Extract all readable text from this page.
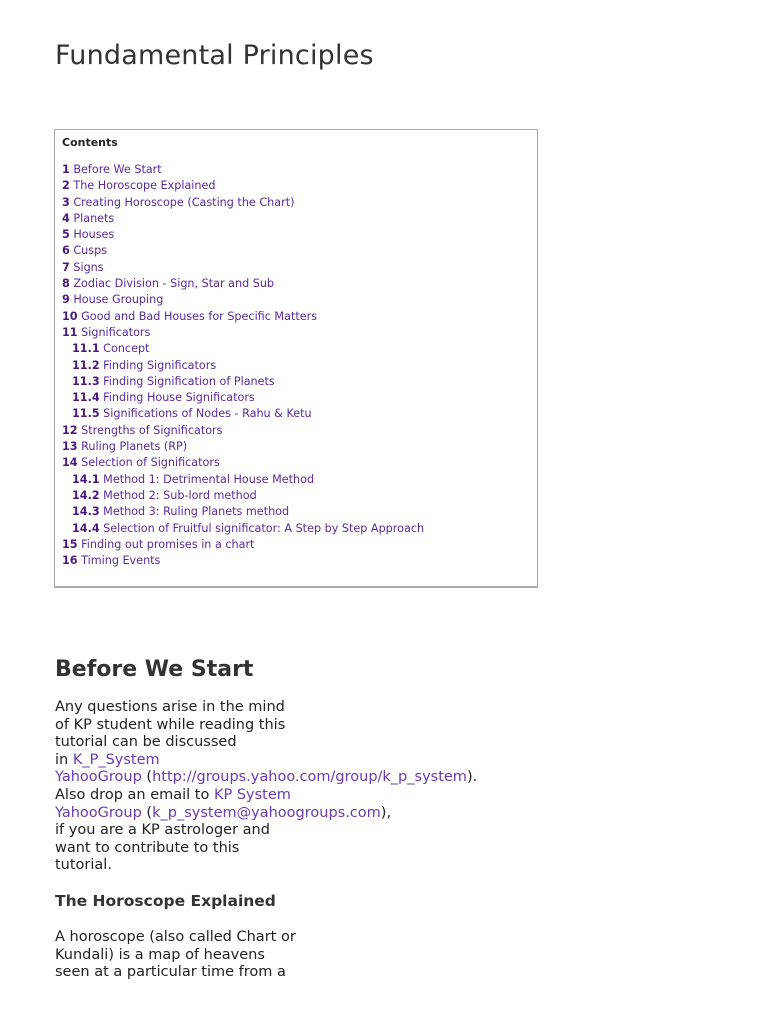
Fundamental Principles
Contents
1 Before We Start
2 The Horoscope Explained
3 Creating Horoscope (Casting the Chart)
4 Planets
5 Houses
6 Cusps
7 Signs
8 Zodiac Division - Sign, Star and Sub
9 House Grouping
10 Good and Bad Houses for Specific Matters
11 Significators
11.1 Concept
11.2 Finding Significators
11.3 Finding Signification of Planets
11.4 Finding House Significators
11.5 Significations of Nodes - Rahu & Ketu
12 Strengths of Significators
13 Ruling Planets (RP)
14 Selection of Significators
14.1 Method 1: Detrimental House Method
14.2 Method 2: Sub-lord method
14.3 Method 3: Ruling Planets method
14.4 Selection of Fruitful significator: A Step by Step Approach
15 Finding out promises in a chart
16 Timing Events
Before We Start

Any questions arise in the mind
of KP student while reading this
tutorial can be discussed
in K_P_System
YahooGroup (http://groups.yahoo.com/group/k_p_system).
Also drop an email to KP System
YahooGroup (k_p_system@yahoogroups.com),
if you are a KP astrologer and
want to contribute to this
tutorial.

The Horoscope Explained

A horoscope (also called Chart or
Kundali) is a map of heavens
seen at a particular time from a
